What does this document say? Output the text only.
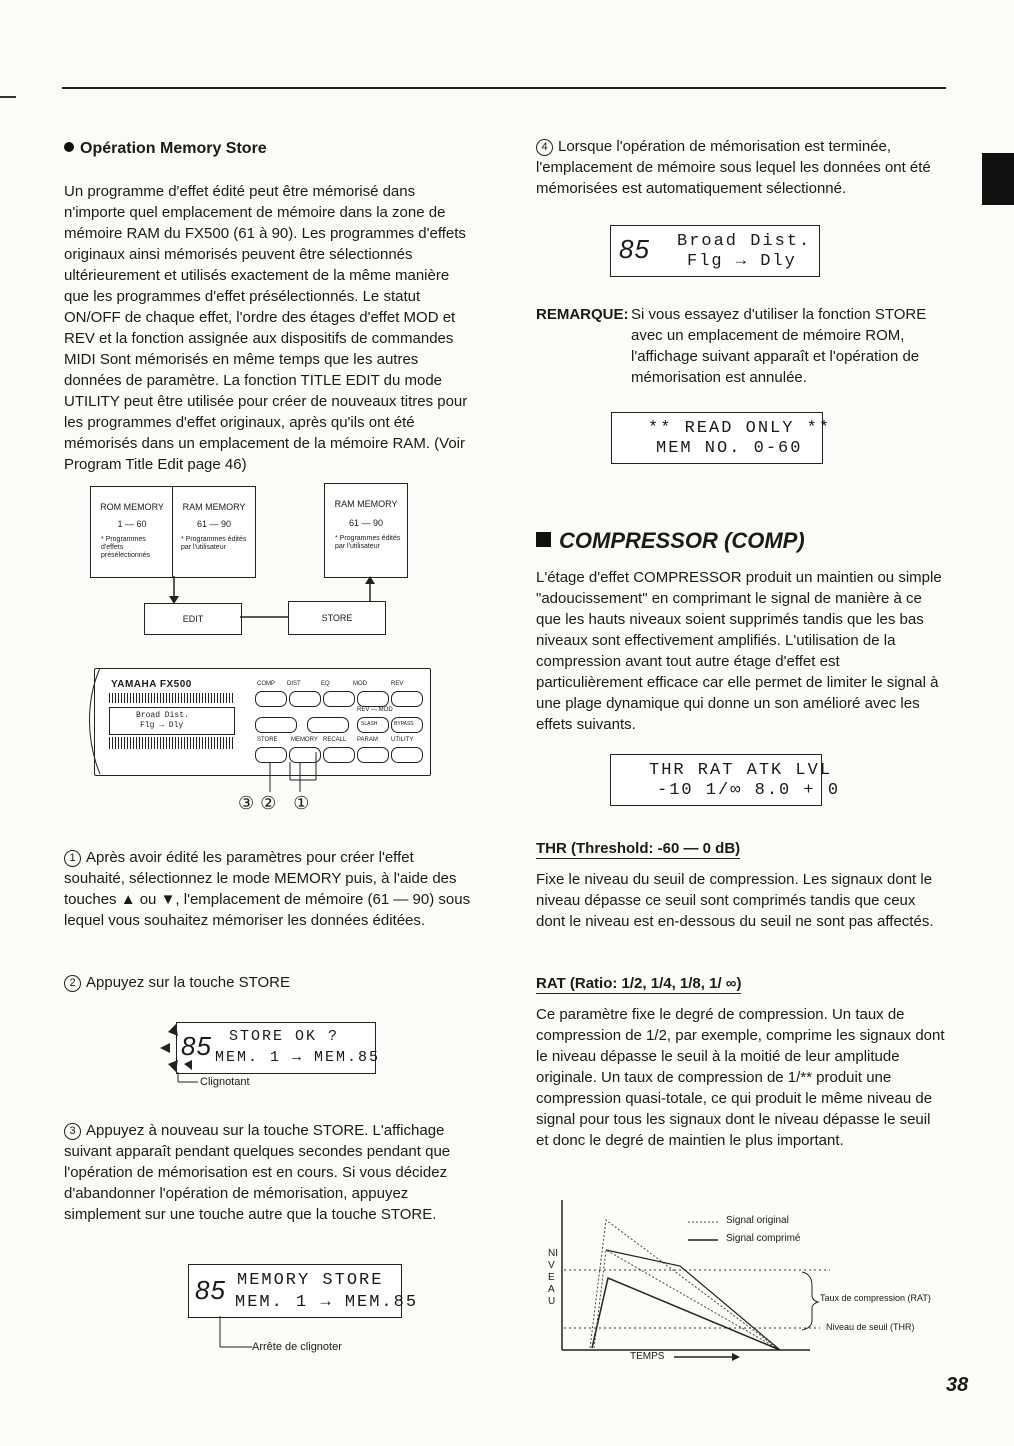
Opération Memory Store

Un programme d'effet édité peut être mémorisé dans n'importe quel emplacement de mémoire dans la zone de mémoire RAM du FX500 (61 à 90). Les programmes d'effets originaux ainsi mémorisés peuvent être sélectionnés ultérieurement et utilisés exactement de la même manière que les programmes d'effet présélectionnés. Le statut ON/OFF de chaque effet, l'ordre des étages d'effet MOD et REV et la fonction assignée aux dispositifs de commandes MIDI Sont mémorisés en même temps que les autres données de paramètre. La fonction TITLE EDIT du mode UTILITY peut être utilisée pour créer de nouveaux titres pour les programmes d'effet originaux, après qu'ils ont été mémorisés dans un emplacement de la mémoire RAM. (Voir Program Title Edit page 46)

ROM MEMORY
1 — 60
* Programmes d'effets présélectionnés
RAM MEMORY
61 — 90
* Programmes édités par l'utilisateur
RAM MEMORY
61 — 90
* Programmes édités par l'utilisateur
EDIT	STORE
YAMAHA FX500
Broad Dist.
Flg → Dly
COMP DIST	EQ	MOD	REV
REV — MOD
SLASH	BYPASS
STORE MEMORY RECALL PARAM UTILITY
③② ①
1 Après avoir édité les paramètres pour créer l'effet souhaité, sélectionnez le mode MEMORY puis, à l'aide des touches ▲ ou ▼, l'emplacement de mémoire (61 — 90) sous lequel vous souhaitez mémoriser les données éditées.
2 Appuyez sur la touche STORE
85 STORE OK ?
MEM. 1 → MEM.85
Clignotant
3 Appuyez à nouveau sur la touche STORE. L'affichage suivant apparaît pendant quelques secondes pendant que l'opération de mémorisation est en cours. Si vous décidez d'abandonner l'opération de mémorisation, appuyez simplement sur une touche autre que la touche STORE.
85 MEMORY STORE
MEM. 1 → MEM.85
Arrête de clignoter
4 Lorsque l'opération de mémorisation est terminée, l'emplacement de mémoire sous lequel les données ont été mémorisées est automatiquement sélectionné.
85 Broad Dist.
Flg → Dly
REMARQUE: Si vous essayez d'utiliser la fonction STORE avec un emplacement de mémoire ROM, l'affichage suivant apparaît et l'opération de mémorisation est annulée.

** READ ONLY **
MEM NO. 0-60
COMPRESSOR (COMP)

L'étage d'effet COMPRESSOR produit un maintien ou simple "adoucissement" en comprimant le signal de manière à ce que les hauts niveaux soient supprimés tandis que les bas niveaux sont effectivement amplifiés. L'utilisation de la compression avant tout autre étage d'effet est particulièrement efficace car elle permet de limiter le signal à une plage dynamique qui donne un son amélioré avec les effets suivants.

THR RAT ATK LVL
-10 1/∞ 8.0 + 0
THR (Threshold: -60 — 0 dB)

Fixe le niveau du seuil de compression. Les signaux dont le niveau dépasse ce seuil sont comprimés tandis que ceux dont le niveau est en-dessous du seuil ne sont pas affectés.

RAT (Ratio: 1/2, 1/4, 1/8, 1/ ∞)

Ce paramètre fixe le degré de compression. Un taux de compression de 1/2, par exemple, comprime les signaux dont le niveau dépasse le seuil à la moitié de leur amplitude originale. Un taux de compression de 1/** produit une compression quasi-totale, ce qui produit le même niveau de signal pour tous les signaux dont le niveau dépasse le seuil et donc le degré de maintien le plus important.

Signal original
Signal comprimé
NIVEAU
TEMPS
Taux de compression (RAT)
Niveau de seuil (THR)
38
